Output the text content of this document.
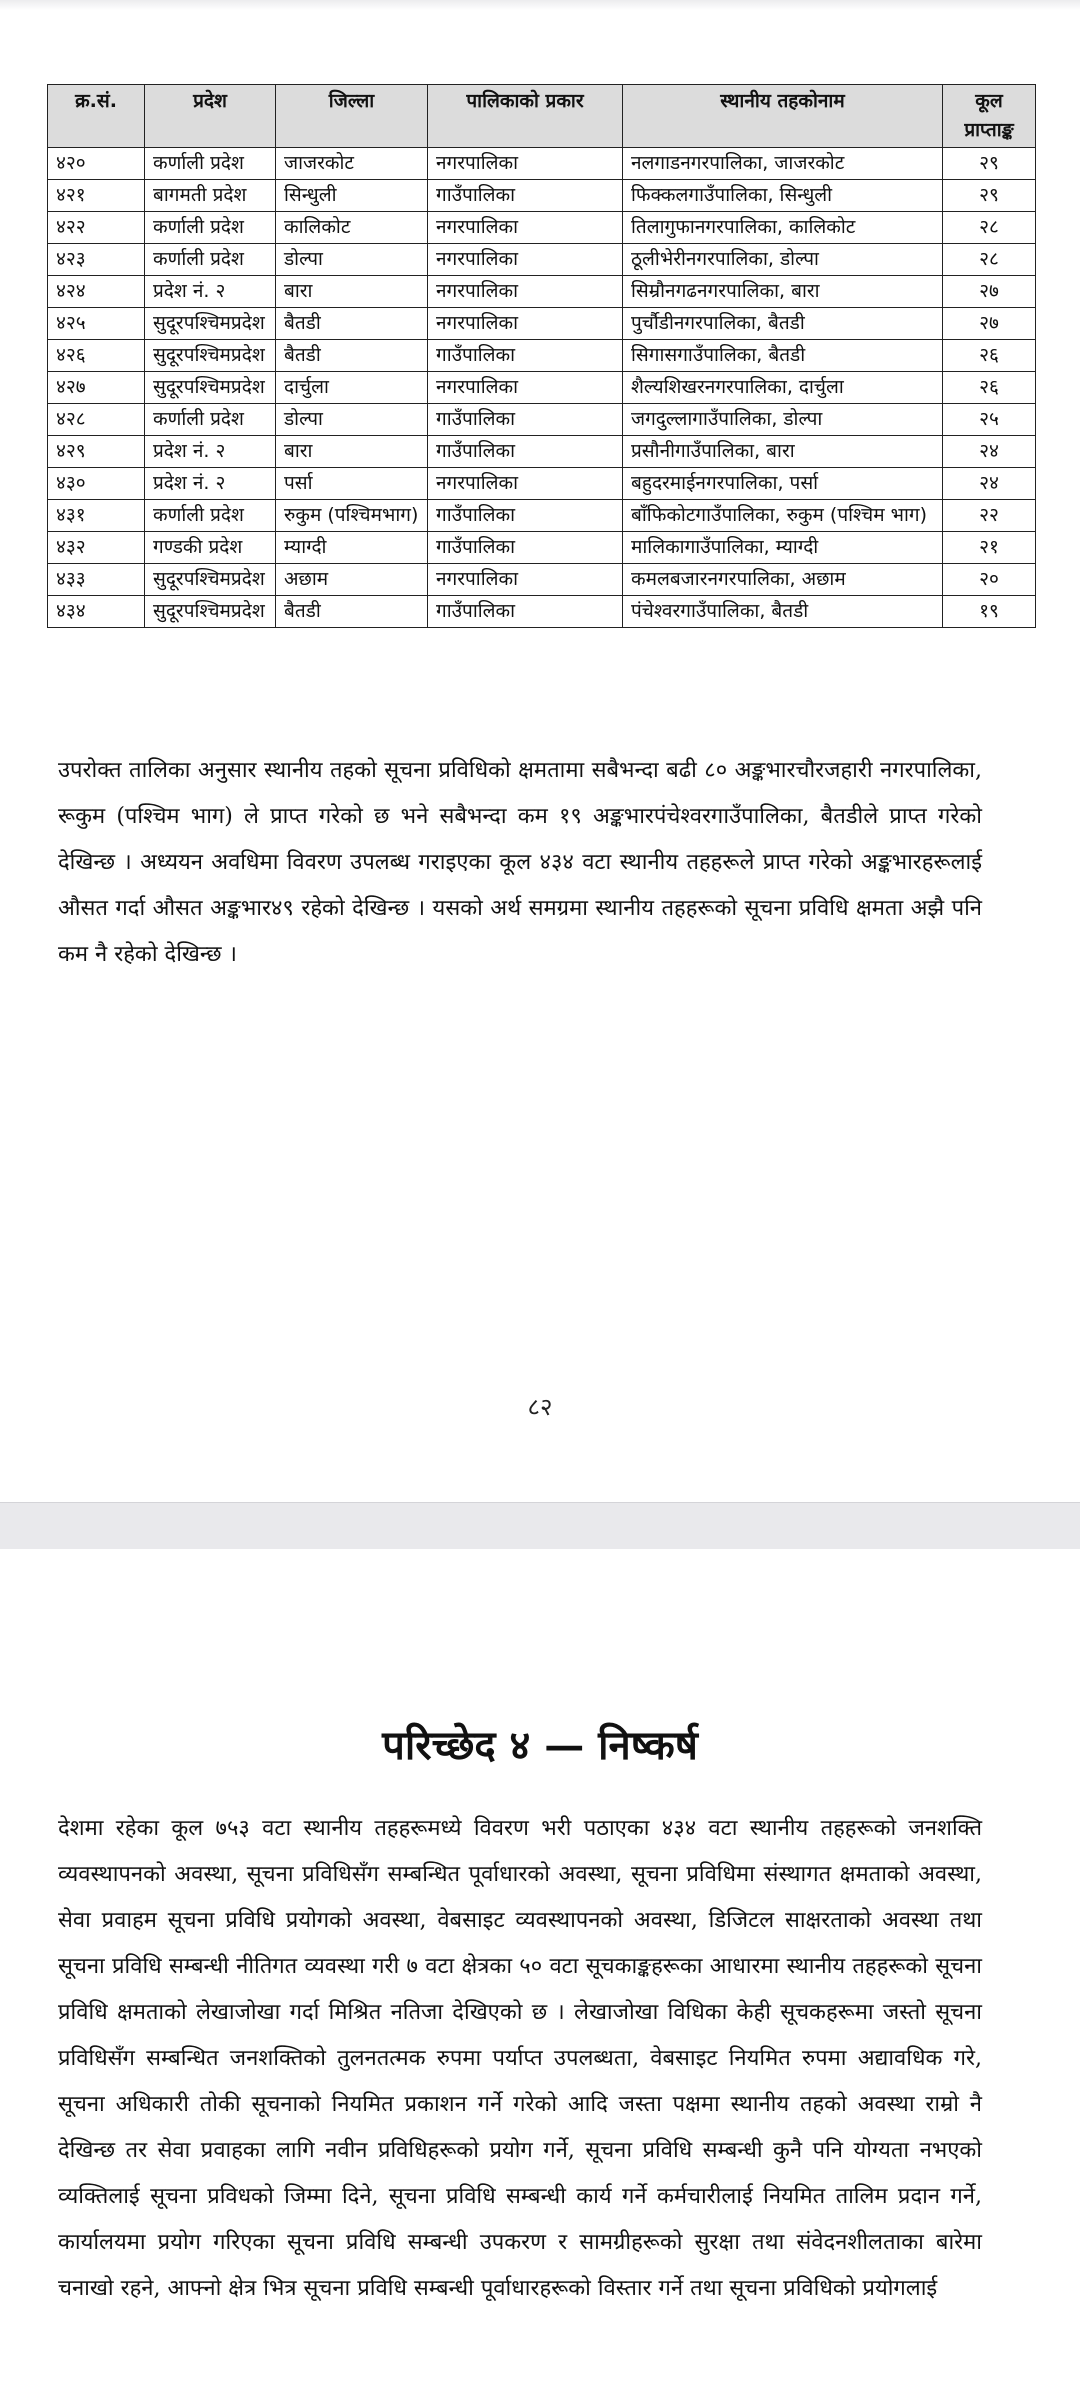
क्र.सं.	प्रदेश	जिल्ला	पालिकाको प्रकार	स्थानीय तहकोनाम	कूल प्राप्ताङ्क
४२०	कर्णाली प्रदेश	जाजरकोट	नगरपालिका	नलगाडनगरपालिका, जाजरकोट	२९
४२१	बागमती प्रदेश	सिन्धुली	गाउँपालिका	फिक्कलगाउँपालिका, सिन्धुली	२९
४२२	कर्णाली प्रदेश	कालिकोट	नगरपालिका	तिलागुफानगरपालिका, कालिकोट	२८
४२३	कर्णाली प्रदेश	डोल्पा	नगरपालिका	ठूलीभेरीनगरपालिका, डोल्पा	२८
४२४	प्रदेश नं. २	बारा	नगरपालिका	सिम्रौनगढनगरपालिका, बारा	२७
४२५	सुदूरपश्चिमप्रदेश	बैतडी	नगरपालिका	पुर्चौडीनगरपालिका, बैतडी	२७
४२६	सुदूरपश्चिमप्रदेश	बैतडी	गाउँपालिका	सिगासगाउँपालिका, बैतडी	२६
४२७	सुदूरपश्चिमप्रदेश	दार्चुला	नगरपालिका	शैल्यशिखरनगरपालिका, दार्चुला	२६
४२८	कर्णाली प्रदेश	डोल्पा	गाउँपालिका	जगदुल्लागाउँपालिका, डोल्पा	२५
४२९	प्रदेश नं. २	बारा	गाउँपालिका	प्रसौनीगाउँपालिका, बारा	२४
४३०	प्रदेश नं. २	पर्सा	नगरपालिका	बहुदरमाईनगरपालिका, पर्सा	२४
४३१	कर्णाली प्रदेश	रुकुम (पश्चिमभाग)	गाउँपालिका	बाँफिकोटगाउँपालिका, रुकुम (पश्चिम भाग)	२२
४३२	गण्डकी प्रदेश	म्याग्दी	गाउँपालिका	मालिकागाउँपालिका, म्याग्दी	२१
४३३	सुदूरपश्चिमप्रदेश	अछाम	नगरपालिका	कमलबजारनगरपालिका, अछाम	२०
४३४	सुदूरपश्चिमप्रदेश	बैतडी	गाउँपालिका	पंचेश्वरगाउँपालिका, बैतडी	१९

उपरोक्त तालिका अनुसार स्थानीय तहको सूचना प्रविधिको क्षमतामा सबैभन्दा बढी ८० अङ्कभारचौरजहारी नगरपालिका, रूकुम (पश्चिम भाग) ले प्राप्त गरेको छ भने सबैभन्दा कम १९ अङ्कभारपंचेश्वरगाउँपालिका, बैतडीले प्राप्त गरेको देखिन्छ । अध्ययन अवधिमा विवरण उपलब्ध गराइएका कूल ४३४ वटा स्थानीय तहहरूले प्राप्त गरेको अङ्कभारहरूलाई औसत गर्दा औसत अङ्कभार४९ रहेको देखिन्छ । यसको अर्थ समग्रमा स्थानीय तहहरूको सूचना प्रविधि क्षमता अझै पनि कम नै रहेको देखिन्छ ।

८२
परिच्छेद ४ — निष्कर्ष

देशमा रहेका कूल ७५३ वटा स्थानीय तहहरूमध्ये विवरण भरी पठाएका ४३४ वटा स्थानीय तहहरूको जनशक्ति व्यवस्थापनको अवस्था, सूचना प्रविधिसँग सम्बन्धित पूर्वाधारको अवस्था, सूचना प्रविधिमा संस्थागत क्षमताको अवस्था, सेवा प्रवाहम सूचना प्रविधि प्रयोगको अवस्था, वेबसाइट व्यवस्थापनको अवस्था, डिजिटल साक्षरताको अवस्था तथा सूचना प्रविधि सम्बन्धी नीतिगत व्यवस्था गरी ७ वटा क्षेत्रका ५० वटा सूचकाङ्कहरूका आधारमा स्थानीय तहहरूको सूचना प्रविधि क्षमताको लेखाजोखा गर्दा मिश्रित नतिजा देखिएको छ । लेखाजोखा विधिका केही सूचकहरूमा जस्तो सूचना प्रविधिसँग सम्बन्धित जनशक्तिको तुलनतत्मक रुपमा पर्याप्त उपलब्धता, वेबसाइट नियमित रुपमा अद्यावधिक गरे, सूचना अधिकारी तोकी सूचनाको नियमित प्रकाशन गर्ने गरेको आदि जस्ता पक्षमा स्थानीय तहको अवस्था राम्रो नै देखिन्छ तर सेवा प्रवाहका लागि नवीन प्रविधिहरूको प्रयोग गर्ने, सूचना प्रविधि सम्बन्धी कुनै पनि योग्यता नभएको व्यक्तिलाई सूचना प्रविधको जिम्मा दिने, सूचना प्रविधि सम्बन्धी कार्य गर्ने कर्मचारीलाई नियमित तालिम प्रदान गर्ने, कार्यालयमा प्रयोग गरिएका सूचना प्रविधि सम्बन्धी उपकरण र सामग्रीहरूको सुरक्षा तथा संवेदनशीलताका बारेमा चनाखो रहने, आफ्नो क्षेत्र भित्र सूचना प्रविधि सम्बन्धी पूर्वाधारहरूको विस्तार गर्ने तथा सूचना प्रविधिको प्रयोगलाई
